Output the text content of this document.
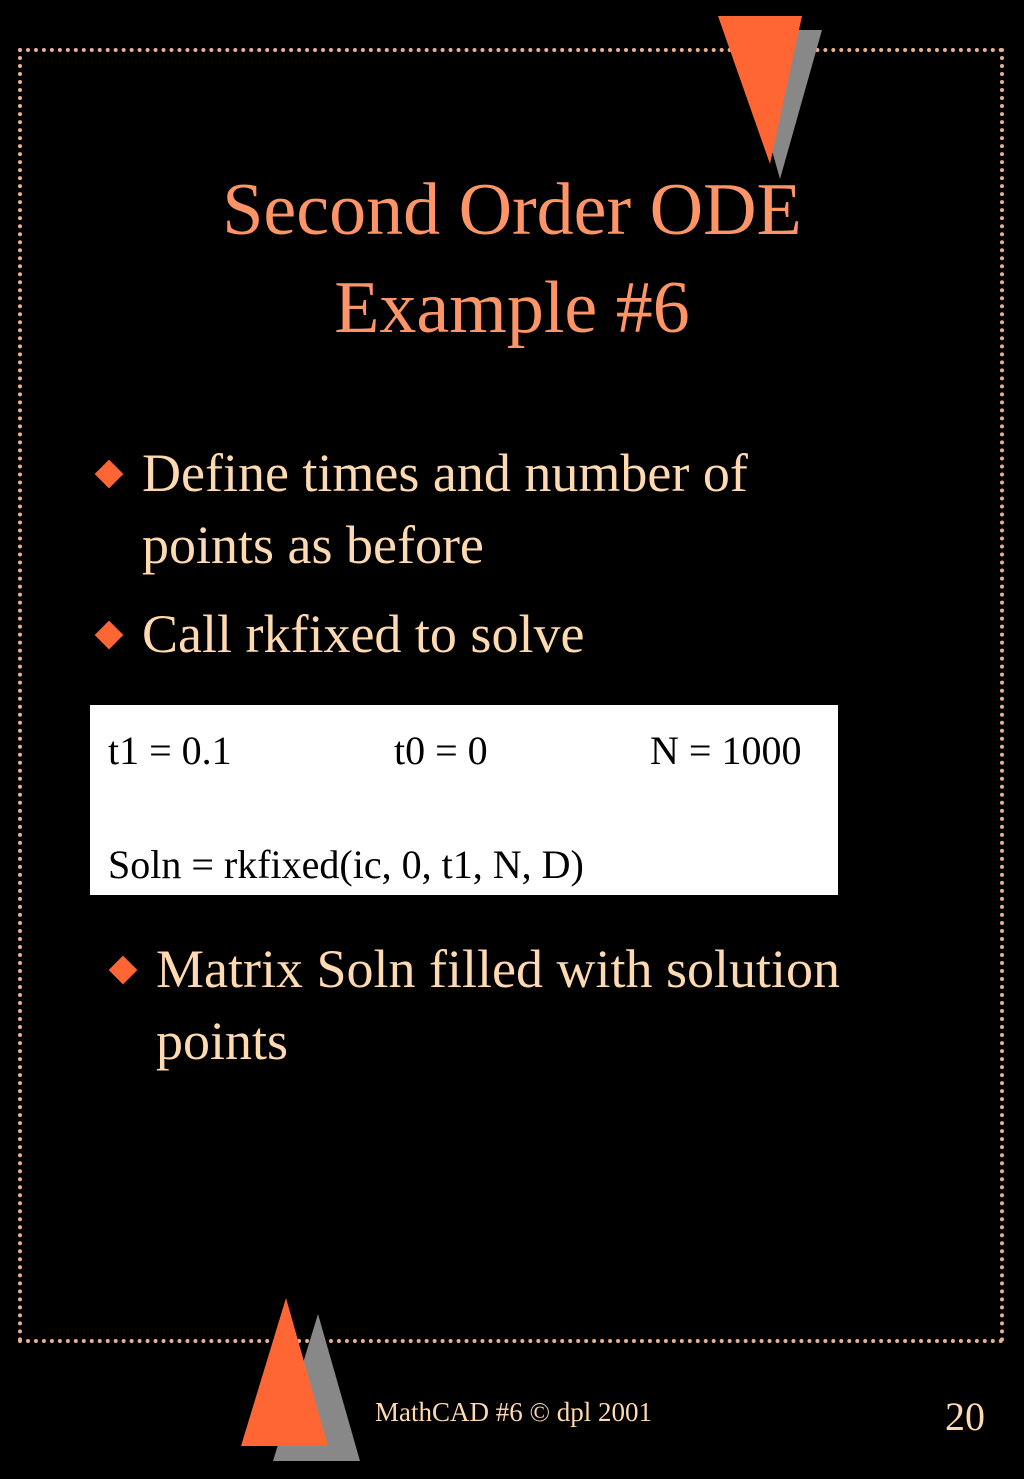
Second Order ODE
Example #6
Define times and number of
points as before
Call rkfixed to solve
t1 = 0.1	t0 = 0	N = 1000
Soln = rkfixed(ic, 0, t1, N, D)
Matrix Soln filled with solution
points
MathCAD #6 © dpl 2001	20
